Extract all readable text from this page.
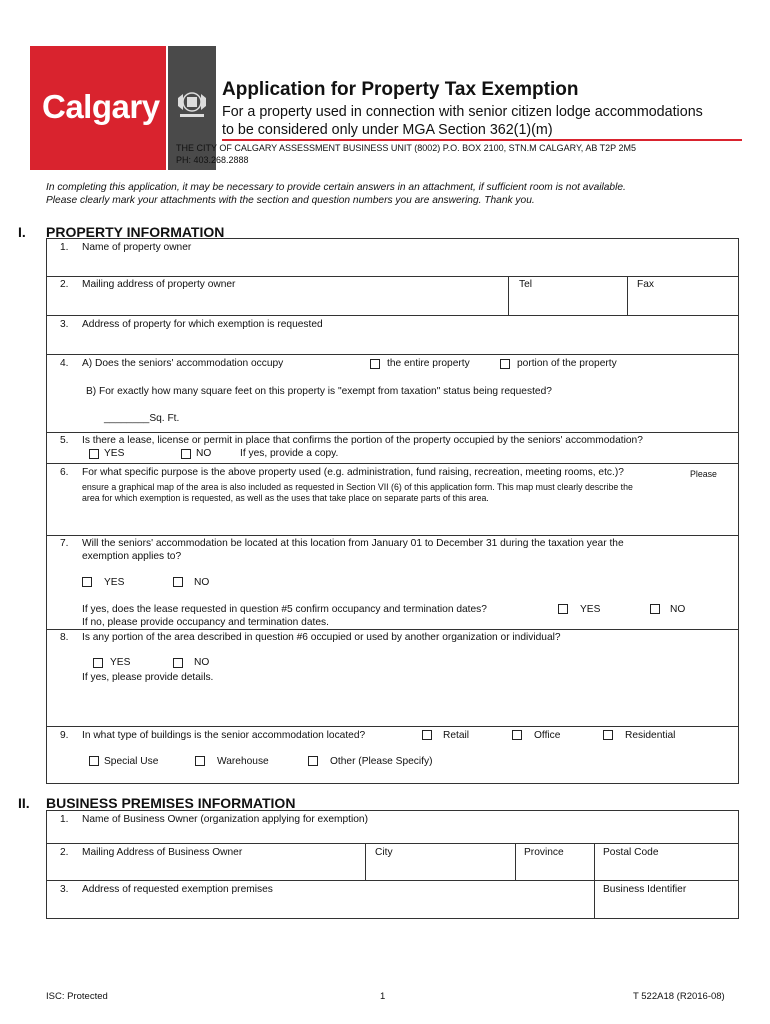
Calgary	Application for Property Tax Exemption
For a property used in connection with senior citizen lodge accommodations
to be considered only under MGA Section 362(1)(m)
THE CITY OF CALGARY ASSESSMENT BUSINESS UNIT (8002) P.O. BOX 2100, STN.M CALGARY, AB T2P 2M5
PH: 403.268.2888
In completing this application, it may be necessary to provide certain answers in an attachment, if sufficient room is not available.
Please clearly mark your attachments with the section and question numbers you are answering. Thank you.
I. PROPERTY INFORMATION
1. Name of property owner
2. Mailing address of property owner	Tel	Fax
3. Address of property for which exemption is requested
4. A) Does the seniors' accommodation occupy	the entire property	portion of the property
B) For exactly how many square feet on this property is "exempt from taxation" status being requested?
________Sq. Ft.
5. Is there a lease, license or permit in place that confirms the portion of the property occupied by the seniors' accommodation?
YES	NO	If yes, provide a copy.
6. For what specific purpose is the above property used (e.g. administration, fund raising, recreation, meeting rooms, etc.)?	Please
ensure a graphical map of the area is also included as requested in Section VII (6) of this application form. This map must clearly describe the
area for which exemption is requested, as well as the uses that take place on separate parts of this area.
7. Will the seniors' accommodation be located at this location from January 01 to December 31 during the taxation year the
exemption applies to?
YES	NO
If yes, does the lease requested in question #5 confirm occupancy and termination dates?	YES	NO
If no, please provide occupancy and termination dates.
8. Is any portion of the area described in question #6 occupied or used by another organization or individual?
YES	NO
If yes, please provide details.
9. In what type of buildings is the senior accommodation located?	Retail	Office	Residential
Special Use	Warehouse	Other (Please Specify)
II. BUSINESS PREMISES INFORMATION
1. Name of Business Owner (organization applying for exemption)
2. Mailing Address of Business Owner	City	Province	Postal Code
3. Address of requested exemption premises	Business Identifier
ISC: Protected	1	T 522A18 (R2016-08)
